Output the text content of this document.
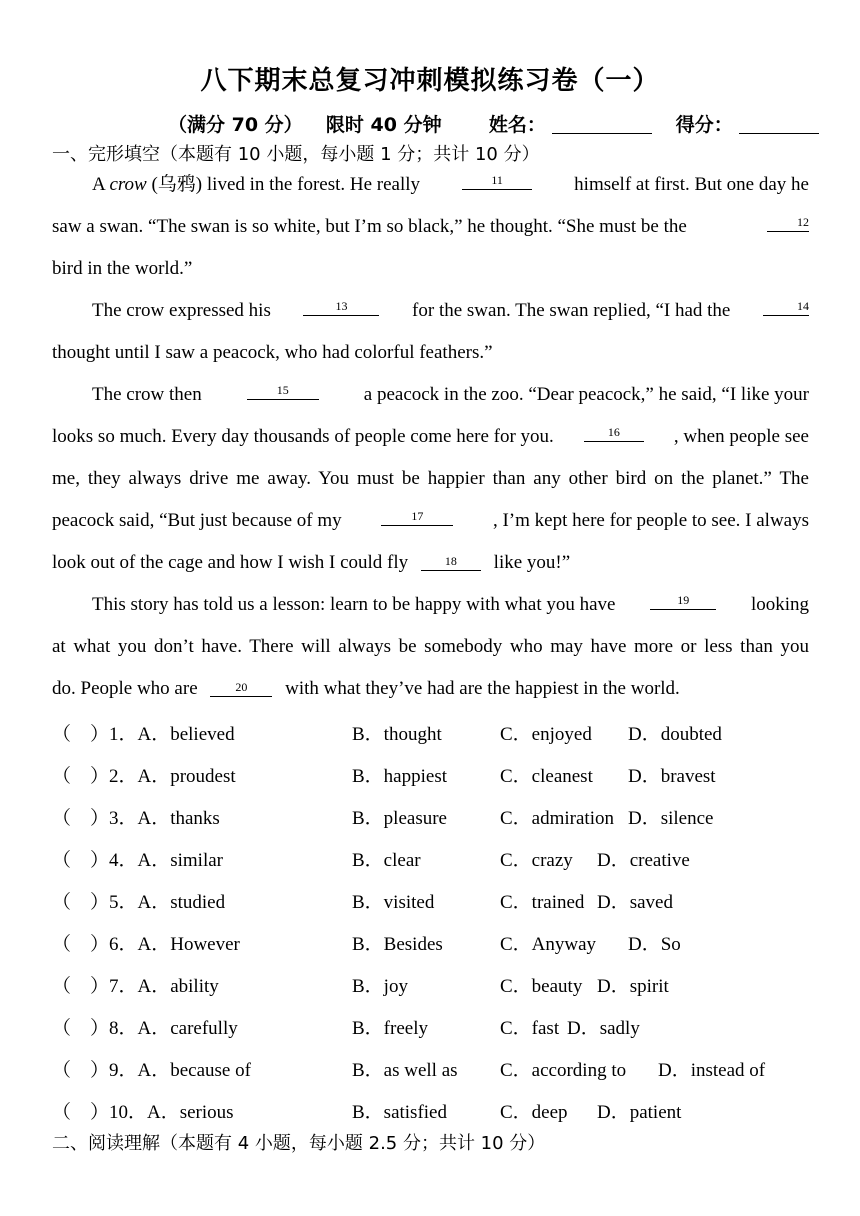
八下期末总复习冲刺模拟练习卷（一）
（满分 70 分） 限时 40 分钟 姓名：	得分：
一、完形填空（本题有 10 小题，每小题 1 分；共计 10 分）
A crow (乌鸦) lived in the forest. He really	11	himself at first. But one day he
saw a swan. “The swan is so white, but I’m so black,” he thought. “She must be the	12
bird in the world.”
The crow expressed his	13	for the swan. The swan replied, “I had the	14
thought until I saw a peacock, who had colorful feathers.”
The crow then	15	a peacock in the zoo. “Dear peacock,” he said, “I like your
looks so much. Every day thousands of people come here for you.	16	, when people see
me, they always drive me away. You must be happier than any other bird on the planet.” The
peacock said, “But just because of my	17	, I’m kept here for people to see. I always
look out of the cage and how I wish I could fly	18 like you!”
This story has told us a lesson: learn to be happy with what you have	19	looking
at what you don’t have. There will always be somebody who may have more or less than you
do. People who are	20 with what they’ve had are the happiest in the world.
（　）1．A．believed	B．thought	C．enjoyed D．doubted
（　）2．A．proudest	B．happiest	C．cleanest D．bravest
（　）3．A．thanks	B．pleasure	C．admiration D．silence
（　）4．A．similar	B．clear	C．crazy D．creative
（　）5．A．studied	B．visited	C．trained D．saved
（　）6．A．However	B．Besides	C．Anyway D．So
（　）7．A．ability	B．joy	C．beauty D．spirit
（　）8．A．carefully	B．freely	C．fast D．sadly
（　）9．A．because of	B．as well as C．according to D．instead of
（　）10．A．serious	B．satisfied	C．deep D．patient
二、阅读理解（本题有 4 小题，每小题 2.5 分；共计 10 分）
